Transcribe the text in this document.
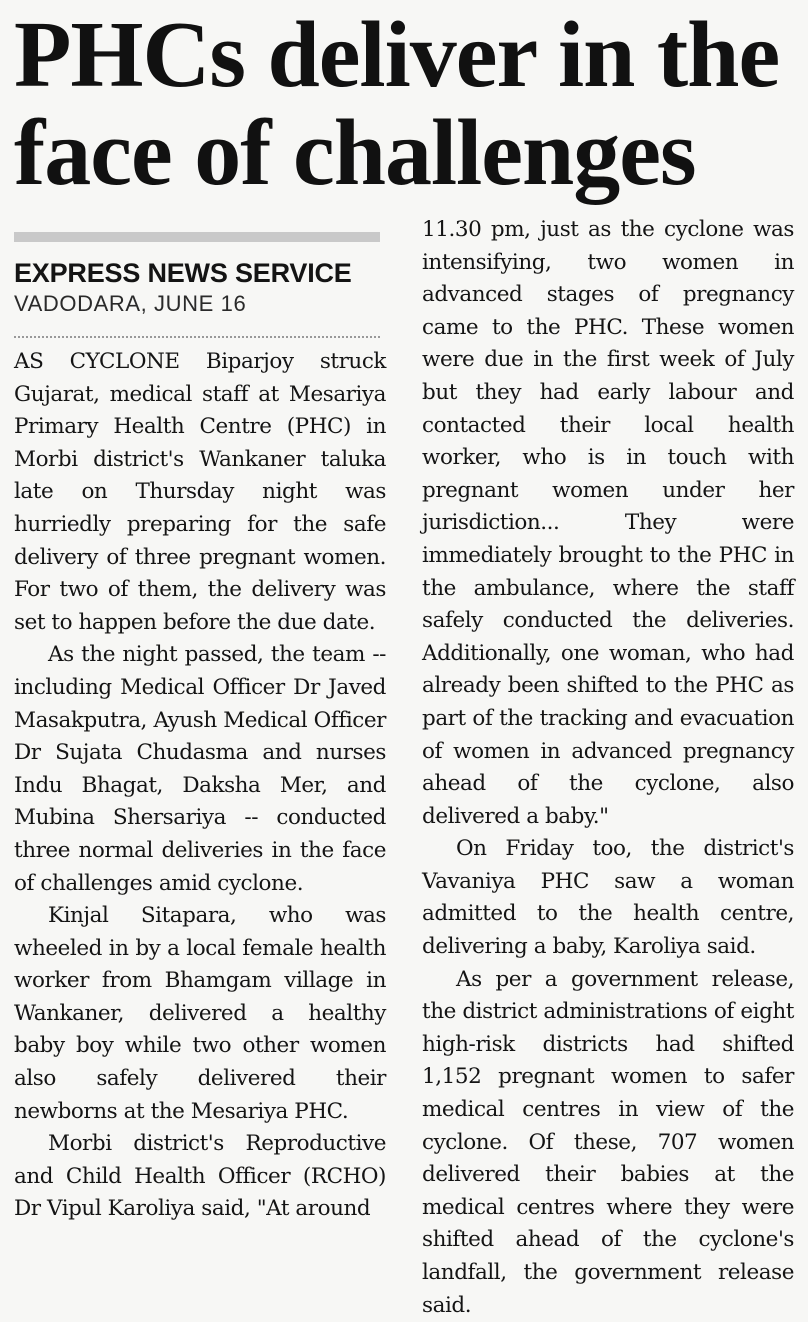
PHCs deliver in the
face of challenges
EXPRESS NEWS SERVICE
VADODARA, JUNE 16

AS CYCLONE Biparjoy struck Gujarat, medical staff at Mesariya Primary Health Centre (PHC) in Morbi district's Wankaner taluka late on Thursday night was hurriedly preparing for the safe delivery of three pregnant women. For two of them, the delivery was set to happen before the due date.

As the night passed, the team -- including Medical Officer Dr Javed Masakputra, Ayush Medical Officer Dr Sujata Chudasma and nurses Indu Bhagat, Daksha Mer, and Mubina Shersariya -- conducted three normal deliveries in the face of challenges amid cyclone.

Kinjal Sitapara, who was wheeled in by a local female health worker from Bhamgam village in Wankaner, delivered a healthy baby boy while two other women also safely delivered their newborns at the Mesariya PHC.

Morbi district's Reproductive and Child Health Officer (RCHO) Dr Vipul Karoliya said, "At around

11.30 pm, just as the cyclone was intensifying, two women in advanced stages of pregnancy came to the PHC. These women were due in the first week of July but they had early labour and contacted their local health worker, who is in touch with pregnant women under her jurisdiction... They were immediately brought to the PHC in the ambulance, where the staff safely conducted the deliveries. Additionally, one woman, who had already been shifted to the PHC as part of the tracking and evacuation of women in advanced pregnancy ahead of the cyclone, also delivered a baby."

On Friday too, the district's Vavaniya PHC saw a woman admitted to the health centre, delivering a baby, Karoliya said.

As per a government release, the district administrations of eight high-risk districts had shifted 1,152 pregnant women to safer medical centres in view of the cyclone. Of these, 707 women delivered their babies at the medical centres where they were shifted ahead of the cyclone's landfall, the government release said.
